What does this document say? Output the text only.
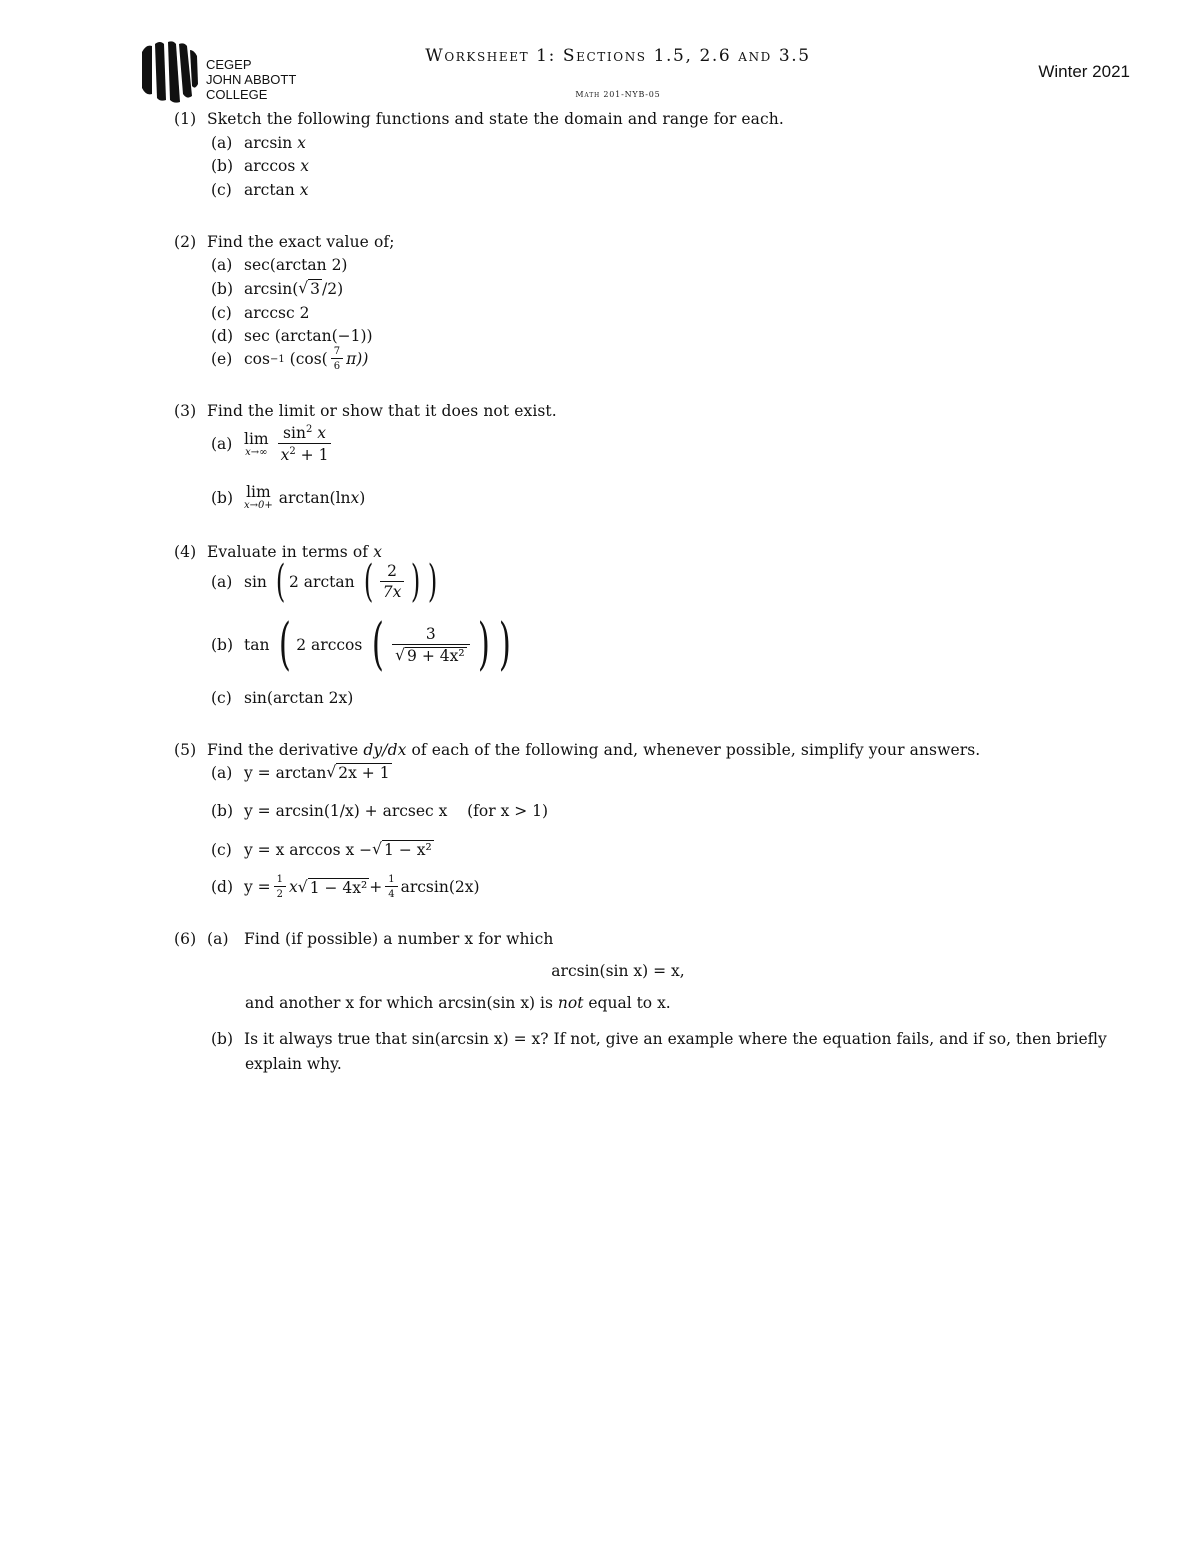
CEGEP
JOHN ABBOTT
COLLEGE
Worksheet 1: Sections 1.5, 2.6 and 3.5
Math 201-NYB-05
Winter 2021
(1) Sketch the following functions and state the domain and range for each.
(a) arcsin
x
(b) arccos
x
(c) arctan
x
(2) Find the exact value of;
(a) sec(arctan 2)
(b) arcsin( √ 3 /2)
(c) arccsc 2
(d) sec (arctan(−1))
(e) cos −1
$(\cos( \frac{7}{6} \pi))$
(3) Find the limit or show that it does not exist.
(a) lim
$x\to\infty \frac{\sin^2 x}{x^2 + 1}$
(b) lim
x→0+ arctan(ln x )
(4) Evaluate in terms of x
(a) sin
( 2 arctan
( $\frac{2}{7x}$ ) )
(b) tan
( 2 arccos
( $\frac{3}{\text{√ 9 + 4x²}}$ ) )
(c) sin(arctan 2x)
(5) Find the derivative dy/dx of each of the following and, whenever possible, simplify your answers.
(a) y = arctan √ 2x + 1
(b) y = arcsin(1/x) + arcsec x
(for x > 1)
(c) y = x arccos x − √ 1 − x²
(d) $y = \frac{1}{2}$ x √ $1 - 4x^2 + \frac{1}{4} \arcsin(2x)$
(6) (a) Find (if possible) a number x for which
arcsin(sin x) = x,
and another x for which arcsin(sin x) is not equal to x.
(b) Is it always true that sin(arcsin x) = x? If not, give an example where the equation fails, and if so, then briefly
explain why.
